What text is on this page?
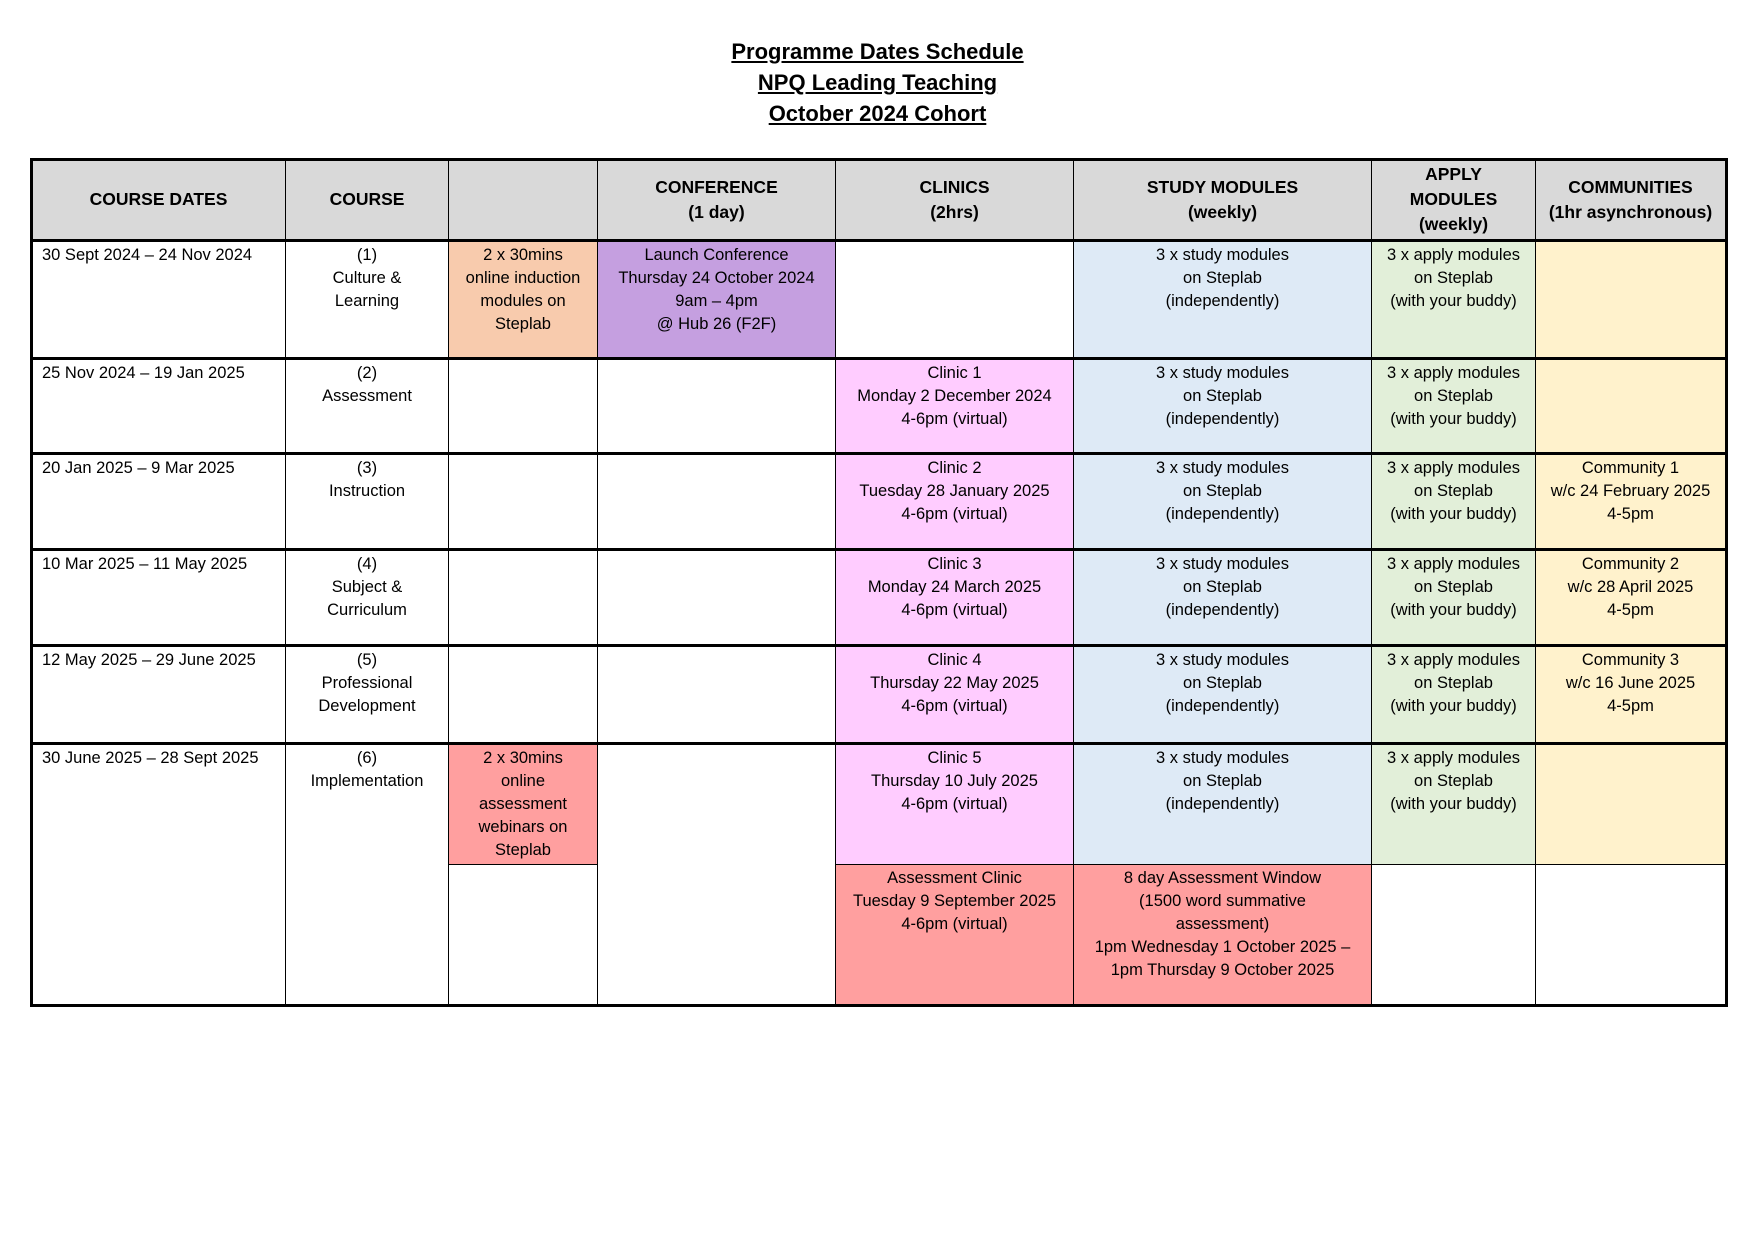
Programme Dates Schedule
NPQ Leading Teaching
October 2024 Cohort
COURSE DATES	COURSE		CONFERENCE
(1 day)	CLINICS
(2hrs)	STUDY MODULES
(weekly)	APPLY
MODULES
(weekly)	COMMUNITIES
(1hr asynchronous)

30 Sept 2024 – 24 Nov 2024	(1)
Culture &
Learning	2 x 30mins
online induction
modules on
Steplab	Launch Conference
Thursday 24 October 2024
9am – 4pm
@ Hub 26 (F2F)		3 x study modules
on Steplab
(independently)	3 x apply modules
on Steplab
(with your buddy)	

25 Nov 2024 – 19 Jan 2025	(2)
Assessment			Clinic 1
Monday 2 December 2024
4-6pm (virtual)	3 x study modules
on Steplab
(independently)	3 x apply modules
on Steplab
(with your buddy)	

20 Jan 2025 – 9 Mar 2025	(3)
Instruction			Clinic 2
Tuesday 28 January 2025
4-6pm (virtual)	3 x study modules
on Steplab
(independently)	3 x apply modules
on Steplab
(with your buddy)	Community 1
w/c 24 February 2025
4-5pm

10 Mar 2025 – 11 May 2025	(4)
Subject &
Curriculum			Clinic 3
Monday 24 March 2025
4-6pm (virtual)	3 x study modules
on Steplab
(independently)	3 x apply modules
on Steplab
(with your buddy)	Community 2
w/c 28 April 2025
4-5pm

12 May 2025 – 29 June 2025	(5)
Professional
Development			Clinic 4
Thursday 22 May 2025
4-6pm (virtual)	3 x study modules
on Steplab
(independently)	3 x apply modules
on Steplab
(with your buddy)	Community 3
w/c 16 June 2025
4-5pm

30 June 2025 – 28 Sept 2025	(6)
Implementation	2 x 30mins
online
assessment
webinars on
Steplab		Clinic 5
Thursday 10 July 2025
4-6pm (virtual)	3 x study modules
on Steplab
(independently)	3 x apply modules
on Steplab
(with your buddy)	

				Assessment Clinic
Tuesday 9 September 2025
4-6pm (virtual)	8 day Assessment Window
(1500 word summative
assessment)
1pm Wednesday 1 October 2025 –
1pm Thursday 9 October 2025		
